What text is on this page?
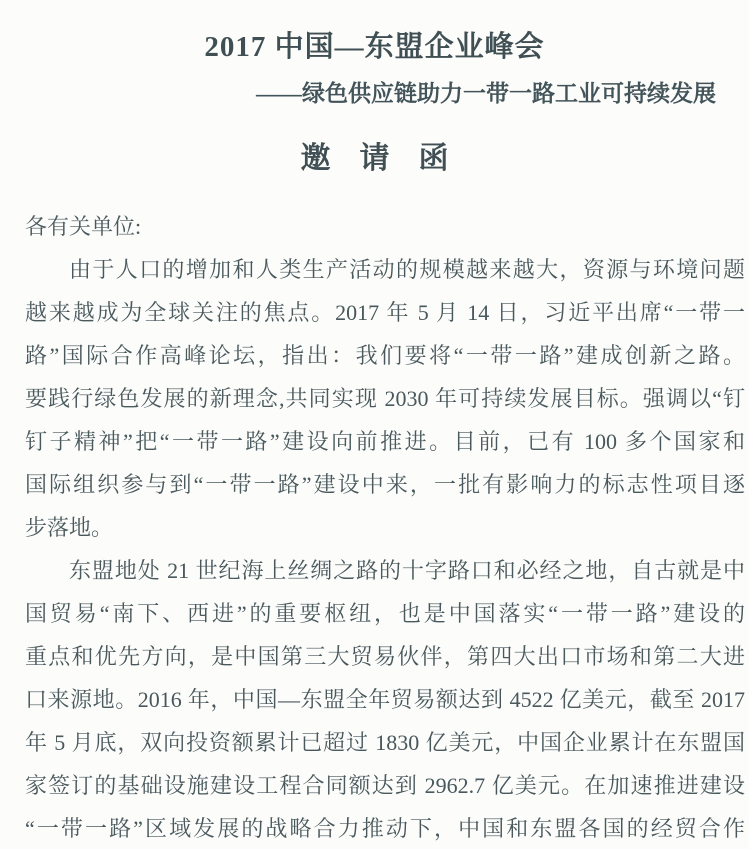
2017 中国—东盟企业峰会
——绿色供应链助力一带一路工业可持续发展
邀请函
各有关单位:
由于人口的增加和人类生产活动的规模越来越大，资源与环境问题
越来越成为全球关注的焦点。2017 年 5 月 14 日，习近平出席“一带一
路”国际合作高峰论坛，指出：我们要将“一带一路”建成创新之路。
要践行绿色发展的新理念,共同实现 2030 年可持续发展目标。强调以“钉
钉子精神”把“一带一路”建设向前推进。目前，已有 100 多个国家和
国际组织参与到“一带一路”建设中来，一批有影响力的标志性项目逐
步落地。
东盟地处 21 世纪海上丝绸之路的十字路口和必经之地，自古就是中
国贸易“南下、西进”的重要枢纽，也是中国落实“一带一路”建设的
重点和优先方向，是中国第三大贸易伙伴，第四大出口市场和第二大进
口来源地。2016 年，中国—东盟全年贸易额达到 4522 亿美元，截至 2017
年 5 月底，双向投资额累计已超过 1830 亿美元，中国企业累计在东盟国
家签订的基础设施建设工程合同额达到 2962.7 亿美元。在加速推进建设
“一带一路”区域发展的战略合力推动下，中国和东盟各国的经贸合作
